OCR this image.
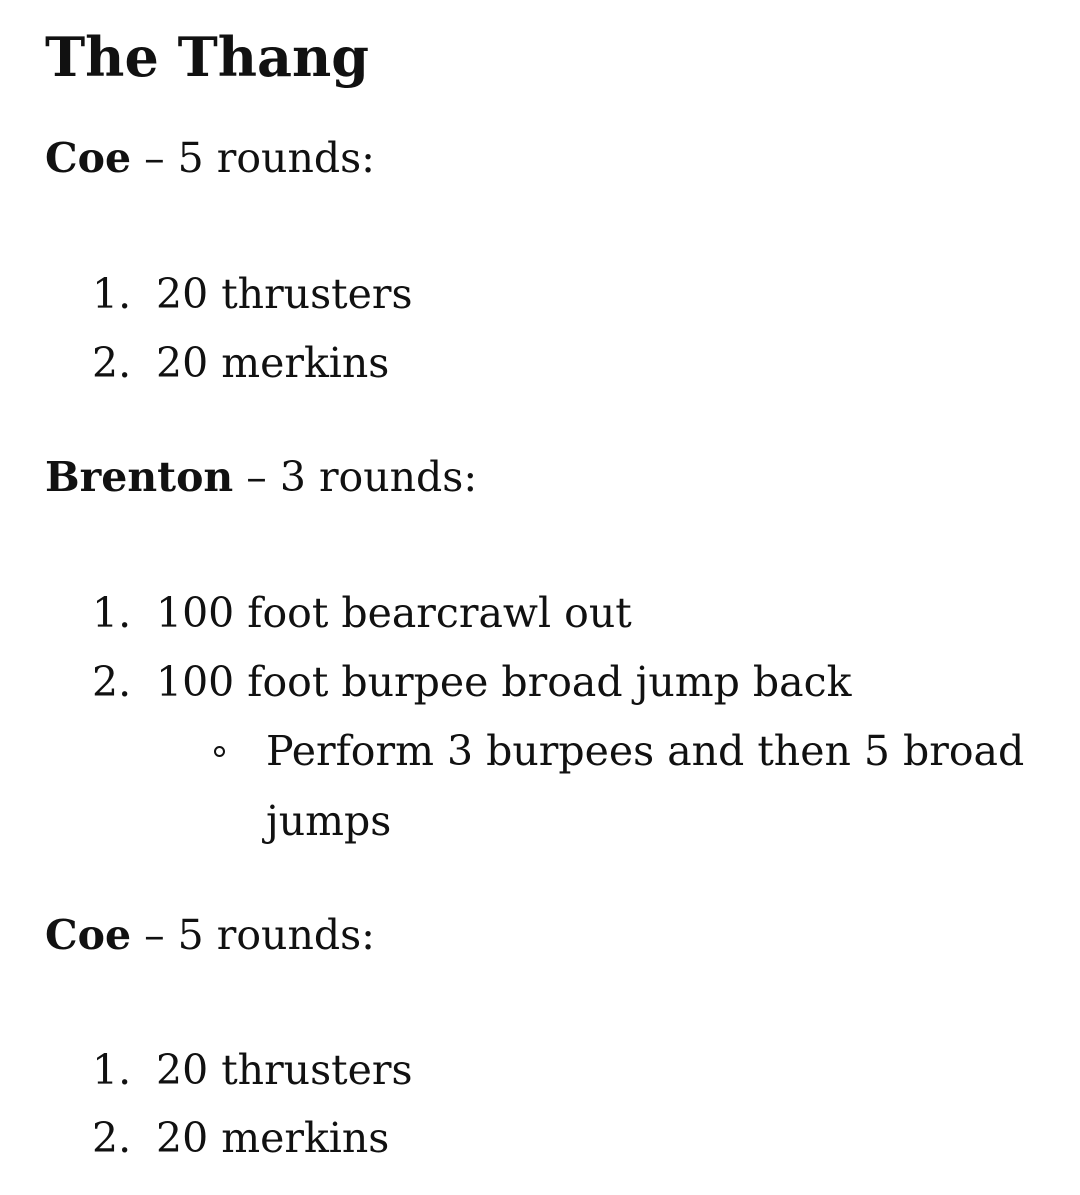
The Thang

Coe – 5 rounds:

1. 20 thrusters
2. 20 merkins

Brenton – 3 rounds:

1. 100 foot bearcrawl out
2. 100 foot burpee broad jump back
Perform 3 burpees and then 5 broad jumps

Coe – 5 rounds:

1. 20 thrusters
2. 20 merkins
